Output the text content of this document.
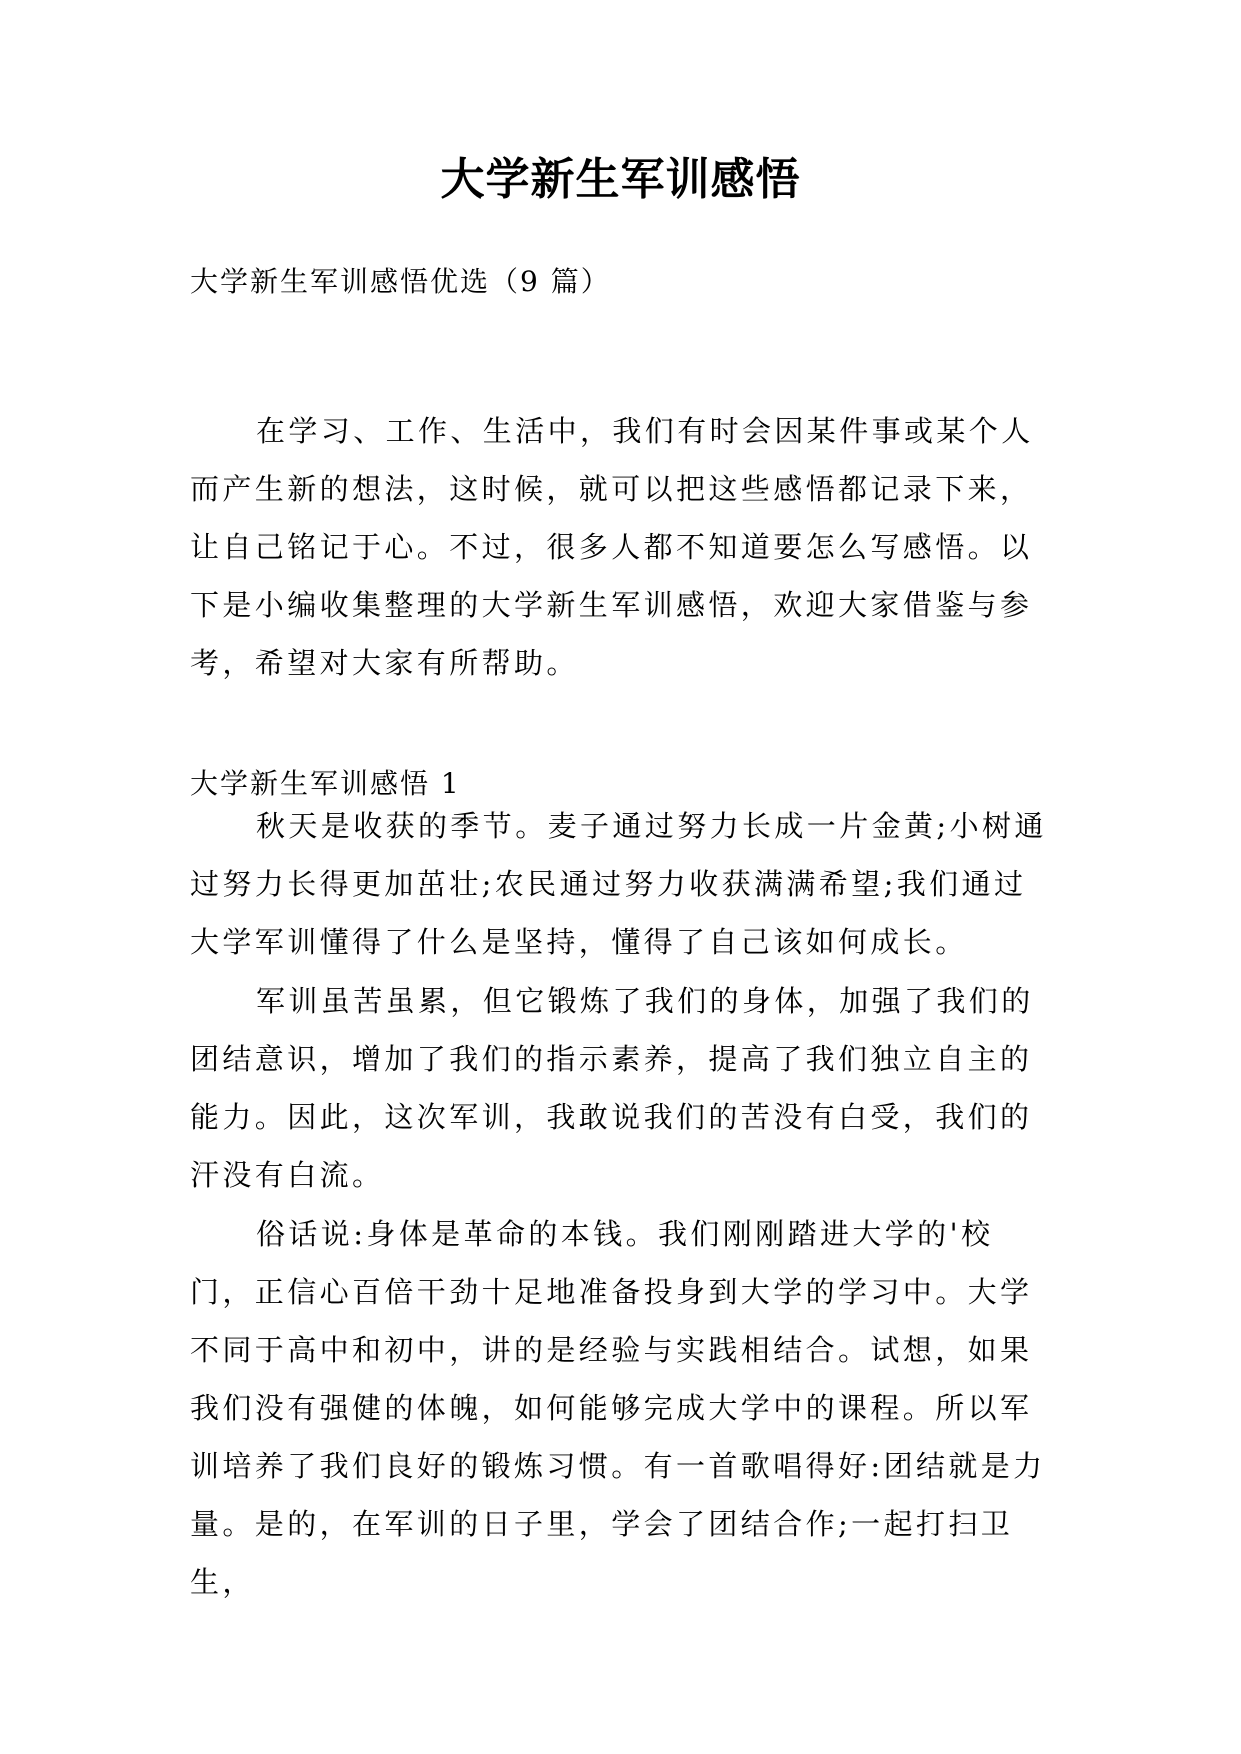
大学新生军训感悟
大学新生军训感悟优选（9 篇）

在学习、工作、生活中，我们有时会因某件事或某个人而产生新的想法，这时候，就可以把这些感悟都记录下来，让自己铭记于心。不过，很多人都不知道要怎么写感悟。以下是小编收集整理的大学新生军训感悟，欢迎大家借鉴与参考，希望对大家有所帮助。

大学新生军训感悟 1

秋天是收获的季节。麦子通过努力长成一片金黄;小树通过努力长得更加茁壮;农民通过努力收获满满希望;我们通过大学军训懂得了什么是坚持，懂得了自己该如何成长。

军训虽苦虽累，但它锻炼了我们的身体，加强了我们的团结意识，增加了我们的指示素养，提高了我们独立自主的能力。因此，这次军训，我敢说我们的苦没有白受，我们的汗没有白流。

俗话说:身体是革命的本钱。我们刚刚踏进大学的'校门，正信心百倍干劲十足地准备投身到大学的学习中。大学不同于高中和初中，讲的是经验与实践相结合。试想，如果我们没有强健的体魄，如何能够完成大学中的课程。所以军训培养了我们良好的锻炼习惯。有一首歌唱得好:团结就是力量。是的，在军训的日子里，学会了团结合作;一起打扫卫生，
